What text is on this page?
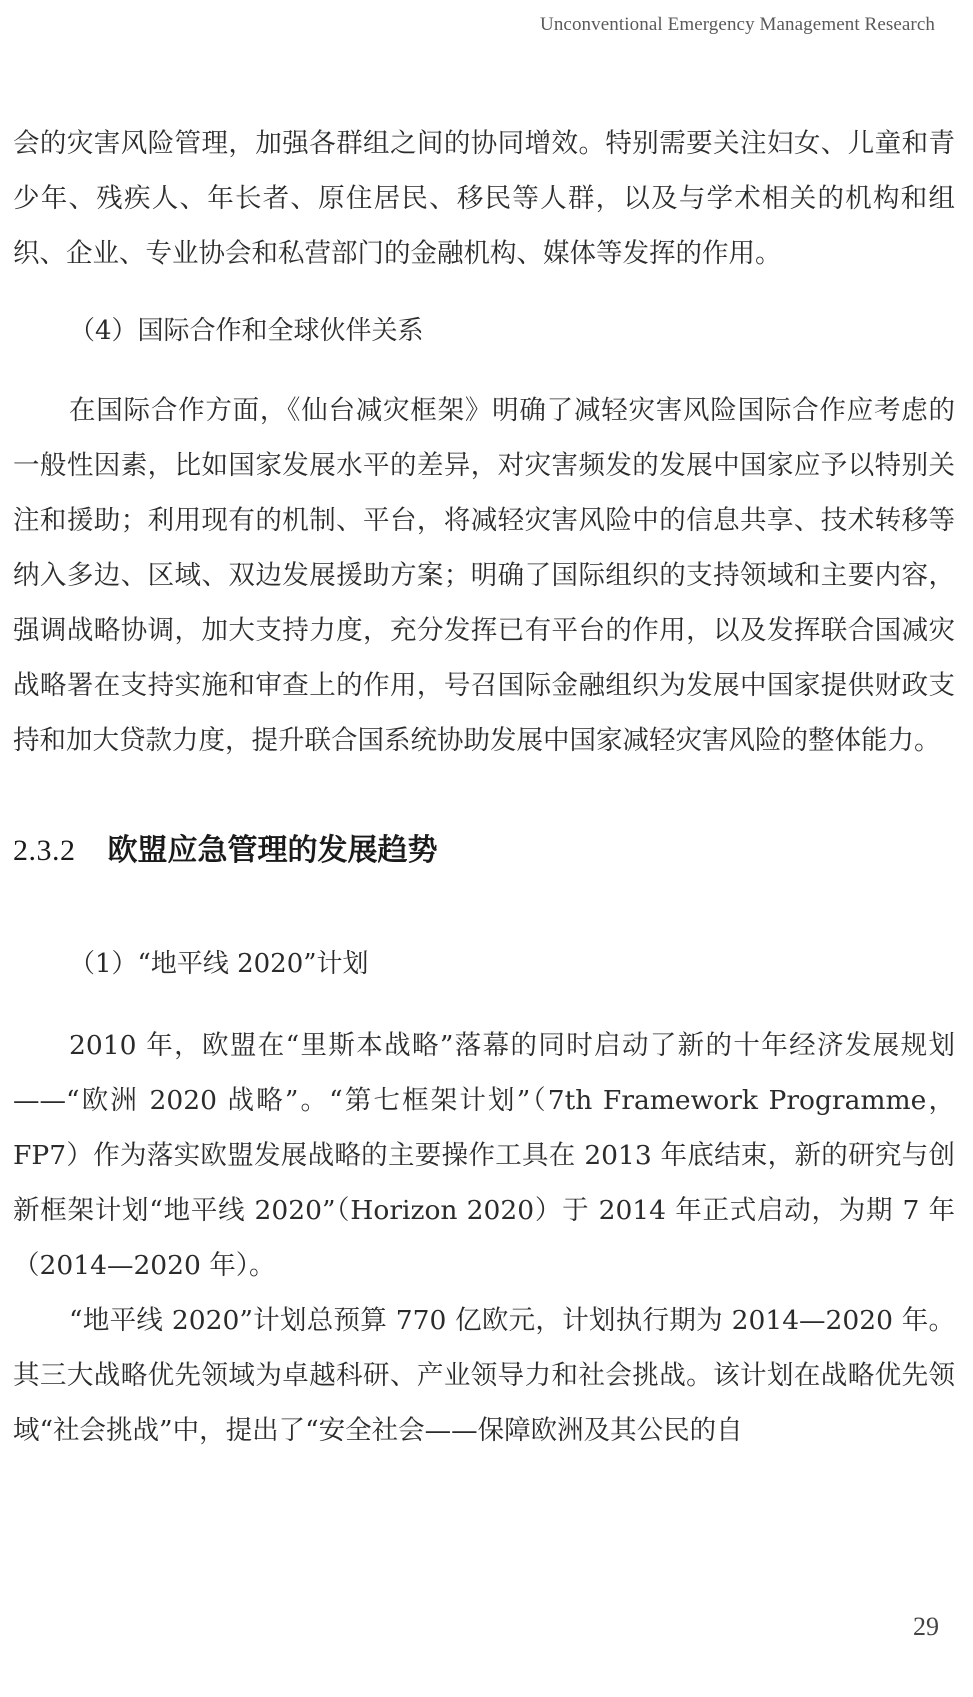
Unconventional Emergency Management Research

会的灾害风险管理，加强各群组之间的协同增效。特别需要关注妇女、儿童和青少年、残疾人、年长者、原住居民、移民等人群，以及与学术相关的机构和组织、企业、专业协会和私营部门的金融机构、媒体等发挥的作用。

（4）国际合作和全球伙伴关系

在国际合作方面，《仙台减灾框架》明确了减轻灾害风险国际合作应考虑的一般性因素，比如国家发展水平的差异，对灾害频发的发展中国家应予以特别关注和援助；利用现有的机制、平台，将减轻灾害风险中的信息共享、技术转移等纳入多边、区域、双边发展援助方案；明确了国际组织的支持领域和主要内容，强调战略协调，加大支持力度，充分发挥已有平台的作用，以及发挥联合国减灾战略署在支持实施和审查上的作用，号召国际金融组织为发展中国家提供财政支持和加大贷款力度，提升联合国系统协助发展中国家减轻灾害风险的整体能力。

2.3.2 欧盟应急管理的发展趋势

（1）“地平线 2020”计划

2010 年，欧盟在“里斯本战略”落幕的同时启动了新的十年经济发展规划——“欧洲 2020 战略”。“第七框架计划”（7th Framework Programme，FP7）作为落实欧盟发展战略的主要操作工具在 2013 年底结束，新的研究与创新框架计划“地平线 2020”（Horizon 2020）于 2014 年正式启动，为期 7 年（2014—2020 年）。

“地平线 2020”计划总预算 770 亿欧元，计划执行期为 2014—2020 年。其三大战略优先领域为卓越科研、产业领导力和社会挑战。该计划在战略优先领域“社会挑战”中，提出了“安全社会——保障欧洲及其公民的自

29
